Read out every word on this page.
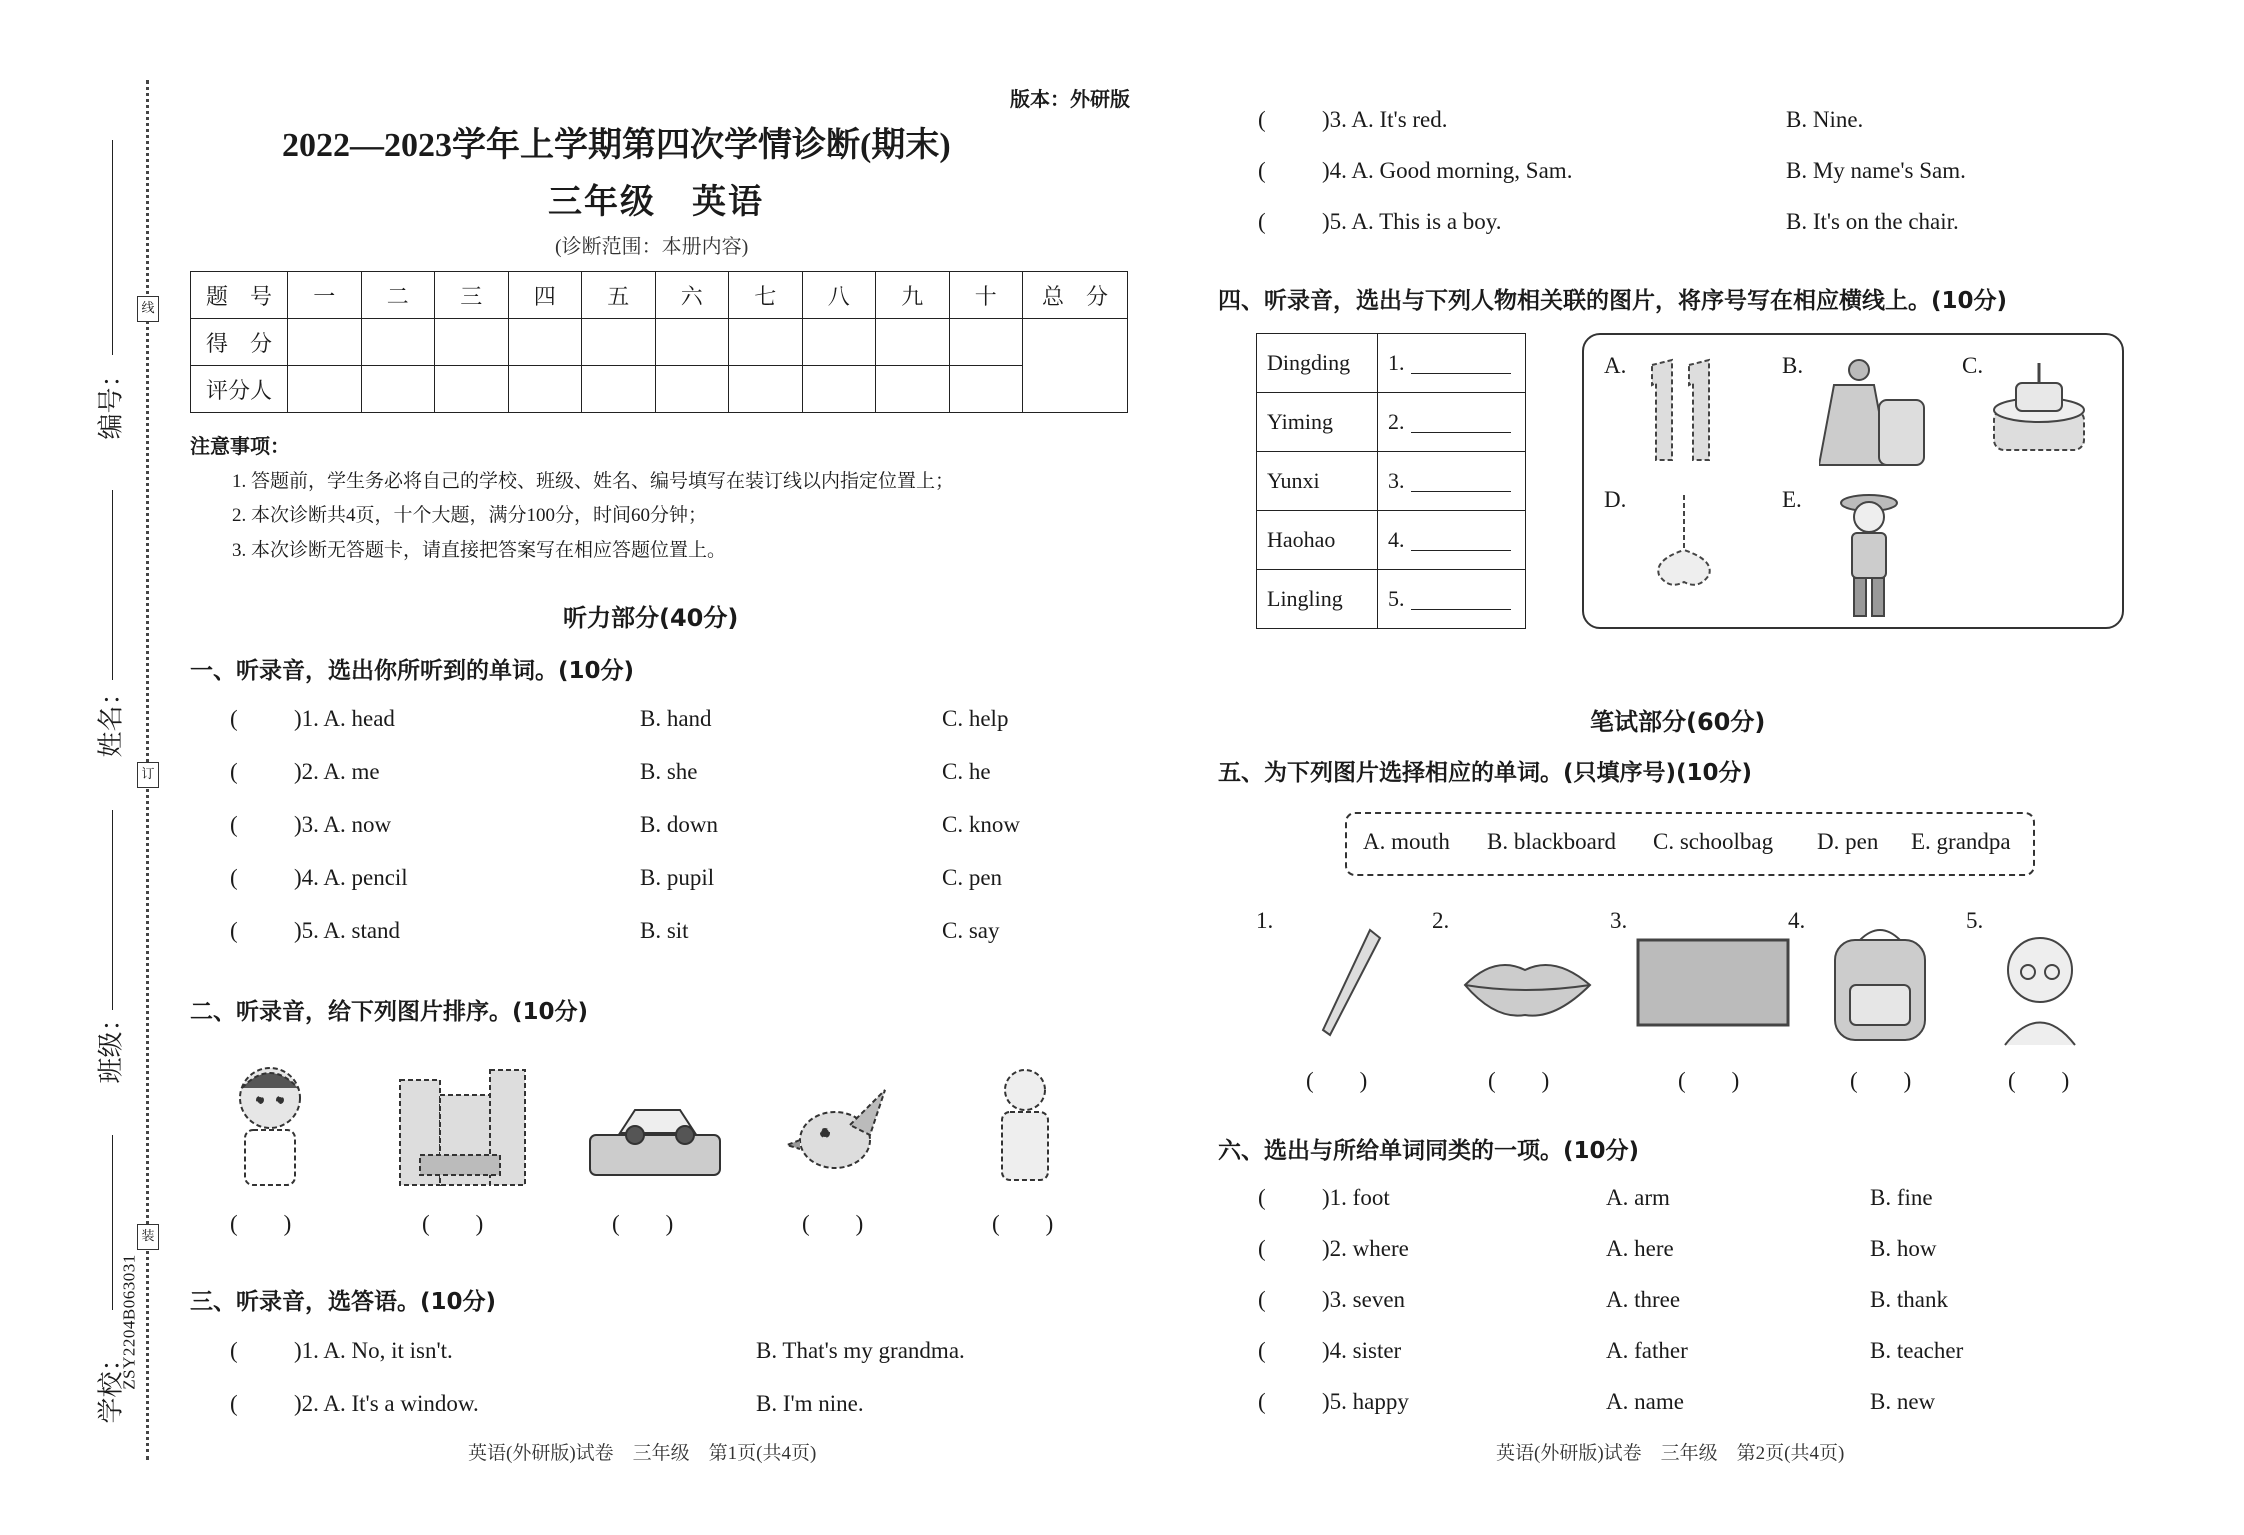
线
订
装
编号：
姓名：
班级：
学校：
ZSY2204B063031
版本：外研版
2022—2023学年上学期第四次学情诊断(期末)
三年级　英语
(诊断范围：本册内容)
题　号	一	二	三	四	五	六	七	八	九	十	总　分
得　分											
评分人											
注意事项：
1. 答题前，学生务必将自己的学校、班级、姓名、编号填写在装订线以内指定位置上；
2. 本次诊断共4页，十个大题，满分100分，时间60分钟；
3. 本次诊断无答题卡，请直接把答案写在相应答题位置上。
听力部分(40分)
一、听录音，选出你所听到的单词。(10分)
( )1. A. head	B. hand	C. help
( )2. A. me	B. she	C. he
( )3. A. now	B. down	C. know
( )4. A. pencil	B. pupil	C. pen
( )5. A. stand	B. sit	C. say
二、听录音，给下列图片排序。(10分)
(　　)	(　　)	(　　)	(　　)	(　　)
三、听录音，选答语。(10分)
( )1. A. No, it isn't.	B. That's my grandma.
( )2. A. It's a window.	B. I'm nine.
英语(外研版)试卷　三年级　第1页(共4页)
四、听录音，选出与下列人物相关联的图片，将序号写在相应横线上。(10分)
Dingding	1.
Yiming	2.
Yunxi	3.
Haohao	4.
Lingling	5.
A.	B.	C.
D.	E.
笔试部分(60分)
五、为下列图片选择相应的单词。(只填序号)(10分)
A. mouth B. blackboard C. schoolbag D. pen E. grandpa
1.	2.	3.	4.	5.
(　　)	(　　)	(　　)	(　　)	(　　)
六、选出与所给单词同类的一项。(10分)
( )1. foot	A. arm	B. fine
( )2. where	A. here	B. how
( )3. seven	A. three	B. thank
( )4. sister	A. father	B. teacher
( )5. happy	A. name	B. new
英语(外研版)试卷　三年级　第2页(共4页)
( )3. A. It's red.	B. Nine.
( )4. A. Good morning, Sam.	B. My name's Sam.
( )5. A. This is a boy.	B. It's on the chair.
